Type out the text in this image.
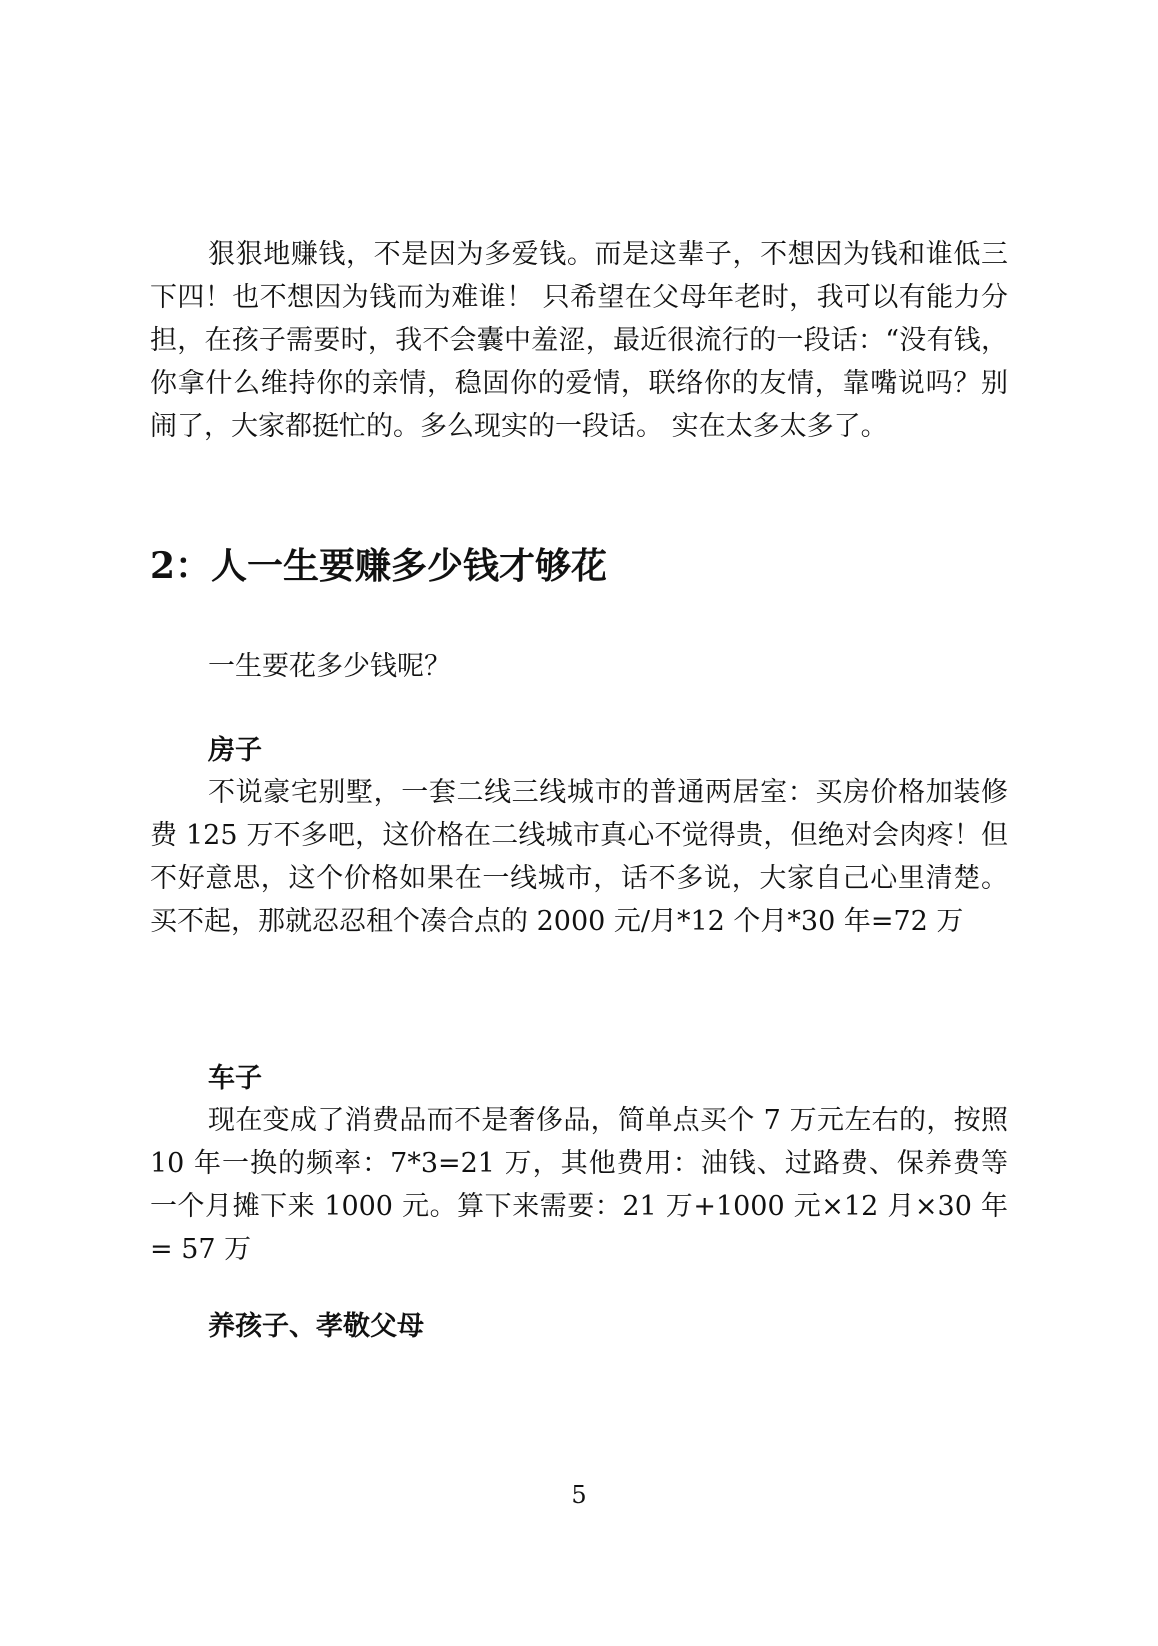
狠狠地赚钱，不是因为多爱钱。而是这辈子，不想因为钱和谁低三下四！也不想因为钱而为难谁！ 只希望在父母年老时，我可以有能力分担，在孩子需要时，我不会囊中羞涩，最近很流行的一段话：“没有钱，你拿什么维持你的亲情，稳固你的爱情，联络你的友情，靠嘴说吗？别闹了，大家都挺忙的。多么现实的一段话。 实在太多太多了。

2：人一生要赚多少钱才够花

一生要花多少钱呢？

房子

不说豪宅别墅，一套二线三线城市的普通两居室：买房价格加装修费 125 万不多吧，这价格在二线城市真心不觉得贵，但绝对会肉疼！但不好意思，这个价格如果在一线城市，话不多说，大家自己心里清楚。买不起，那就忍忍租个凑合点的 2000 元/月*12 个月*30 年=72 万

车子

现在变成了消费品而不是奢侈品，简单点买个 7 万元左右的，按照 10 年一换的频率：7*3=21 万，其他费用：油钱、过路费、保养费等一个月摊下来 1000 元。算下来需要：21 万+1000 元×12 月×30 年 = 57 万

养孩子、孝敬父母
5
